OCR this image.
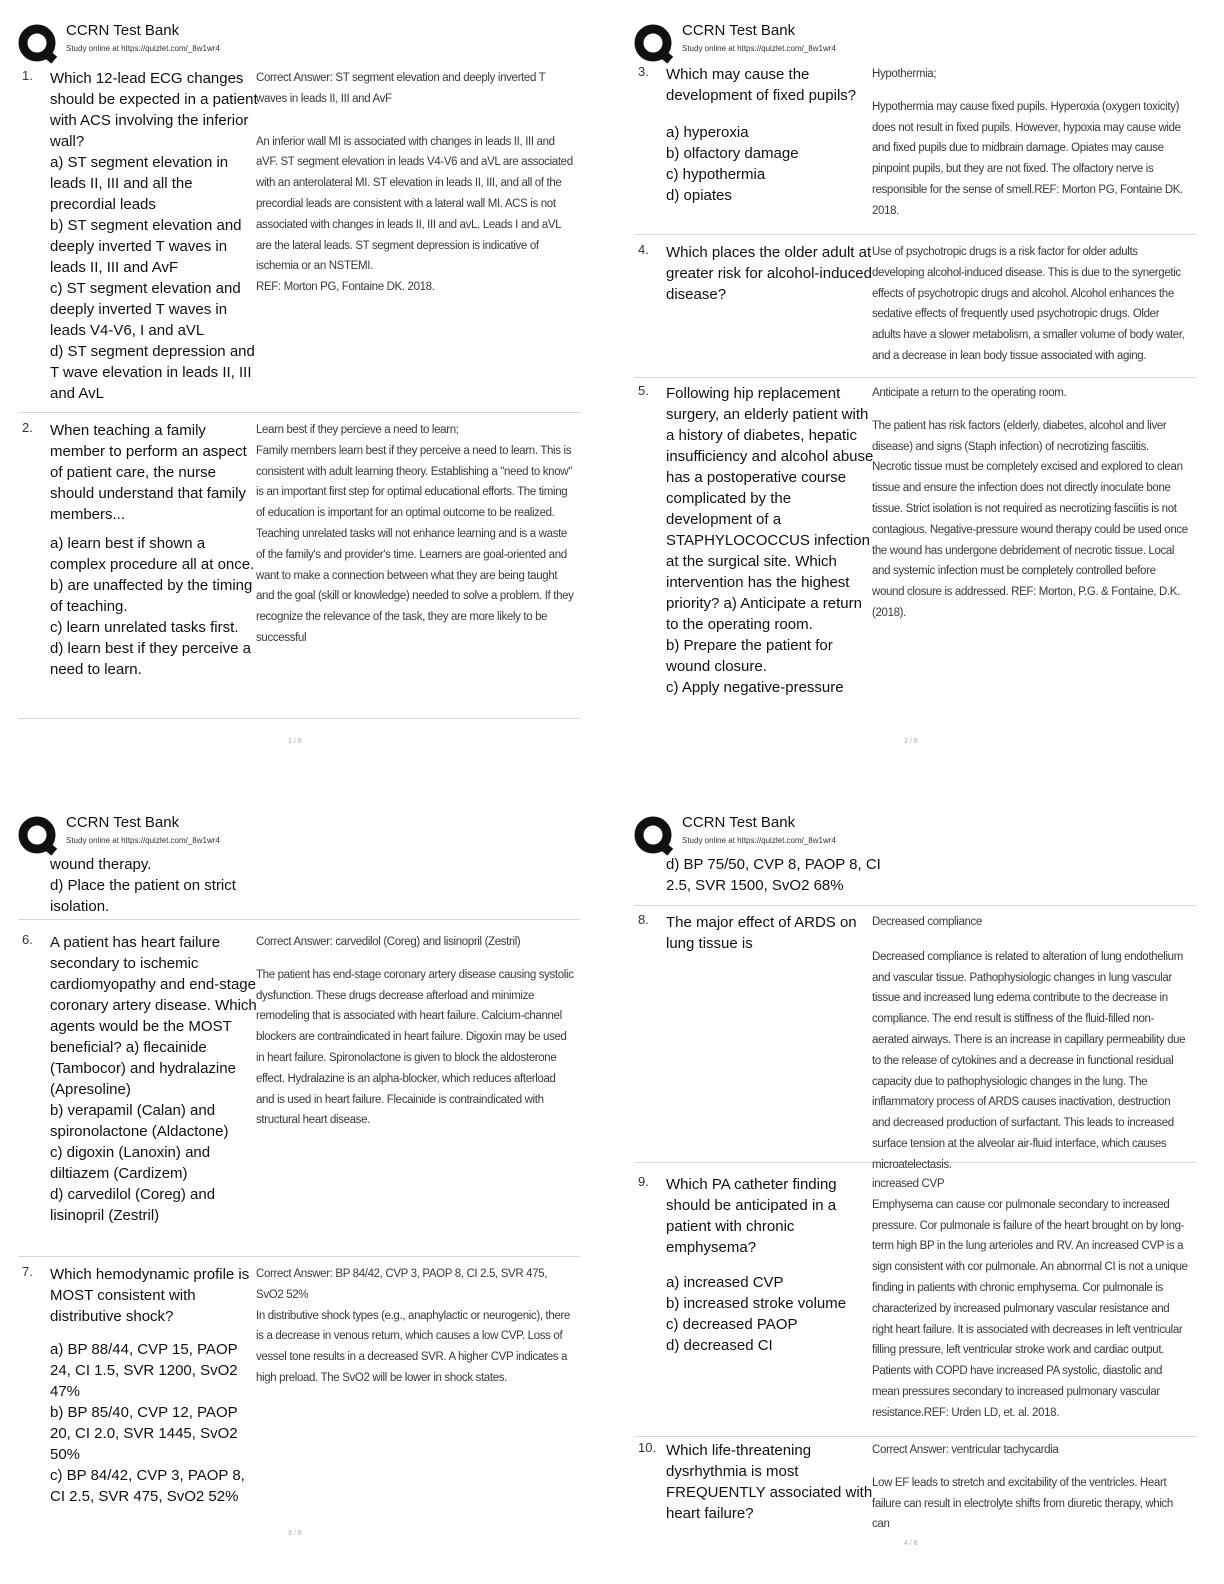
CCRN Test Bank
Study online at https://quizlet.com/_8w1wr4
1. Which 12-lead ECG changes should be expected in a patient with ACS involving the inferior wall?
a) ST segment elevation in leads II, III and all the precordial leads
b) ST segment elevation and deeply inverted T waves in leads II, III and AvF
c) ST segment elevation and deeply inverted T waves in leads V4-V6, I and aVL
d) ST segment depression and T wave elevation in leads II, III and AvL
Correct Answer: ST segment elevation and deeply inverted T waves in leads II, III and AvF
An inferior wall MI is associated with changes in leads II, III and aVF. ST segment elevation in leads V4-V6 and aVL are associated with an anterolateral MI. ST elevation in leads II, III, and all of the precordial leads are consistent with a lateral wall MI. ACS is not associated with changes in leads II, III and avL. Leads I and aVL are the lateral leads. ST segment depression is indicative of ischemia or an NSTEMI.
REF: Morton PG, Fontaine DK. 2018.
2. When teaching a family member to perform an aspect of patient care, the nurse should understand that family members...
a) learn best if shown a complex procedure all at once.
b) are unaffected by the timing of teaching.
c) learn unrelated tasks first.
d) learn best if they perceive a need to learn.
Learn best if they percieve a need to learn;
Family members learn best if they perceive a need to learn. This is consistent with adult learning theory. Establishing a "need to know" is an important first step for optimal educational efforts. The timing of education is important for an optimal outcome to be realized. Teaching unrelated tasks will not enhance learning and is a waste of the family's and provider's time. Learners are goal-oriented and want to make a connection between what they are being taught and the goal (skill or knowledge) needed to solve a problem. If they recognize the relevance of the task, they are more likely to be successful
1 / 8
CCRN Test Bank
Study online at https://quizlet.com/_8w1wr4
3. Which may cause the development of fixed pupils?
a) hyperoxia
b) olfactory damage
c) hypothermia
d) opiates
Hypothermia;
Hypothermia may cause fixed pupils. Hyperoxia (oxygen toxicity) does not result in fixed pupils. However, hypoxia may cause wide and fixed pupils due to midbrain damage. Opiates may cause pinpoint pupils, but they are not fixed. The olfactory nerve is responsible for the sense of smell.REF: Morton PG, Fontaine DK. 2018.
4. Which places the older adult at greater risk for alcohol-induced disease?
Use of psychotropic drugs is a risk factor for older adults developing alcohol-induced disease. This is due to the synergetic effects of psychotropic drugs and alcohol. Alcohol enhances the sedative effects of frequently used psychotropic drugs. Older adults have a slower metabolism, a smaller volume of body water, and a decrease in lean body tissue associated with aging.
5. Following hip replacement surgery, an elderly patient with a history of diabetes, hepatic insufficiency and alcohol abuse has a postoperative course complicated by the development of a STAPHYLOCOCCUS infection at the surgical site. Which intervention has the highest priority? a) Anticipate a return to the operating room.
b) Prepare the patient for wound closure.
c) Apply negative-pressure
Anticipate a return to the operating room.
The patient has risk factors (elderly, diabetes, alcohol and liver disease) and signs (Staph infection) of necrotizing fasciitis. Necrotic tissue must be completely excised and explored to clean tissue and ensure the infection does not directly inoculate bone tissue. Strict isolation is not required as necrotizing fasciitis is not contagious. Negative-pressure wound therapy could be used once the wound has undergone debridement of necrotic tissue. Local and systemic infection must be completely controlled before wound closure is addressed. REF: Morton, P.G. & Fontaine, D.K. (2018).
2 / 8
CCRN Test Bank
Study online at https://quizlet.com/_8w1wr4
wound therapy.
d) Place the patient on strict isolation.
6. A patient has heart failure secondary to ischemic cardiomyopathy and end-stage coronary artery disease. Which agents would be the MOST beneficial? a) flecainide (Tambocor) and hydralazine (Apresoline)
b) verapamil (Calan) and spironolactone (Aldactone)
c) digoxin (Lanoxin) and diltiazem (Cardizem)
d) carvedilol (Coreg) and lisinopril (Zestril)
Correct Answer: carvedilol (Coreg) and lisinopril (Zestril)
The patient has end-stage coronary artery disease causing systolic dysfunction. These drugs decrease afterload and minimize remodeling that is associated with heart failure. Calcium-channel blockers are contraindicated in heart failure. Digoxin may be used in heart failure. Spironolactone is given to block the aldosterone effect. Hydralazine is an alpha-blocker, which reduces afterload and is used in heart failure. Flecainide is contraindicated with structural heart disease.
7. Which hemodynamic profile is MOST consistent with distributive shock?
a) BP 88/44, CVP 15, PAOP 24, CI 1.5, SVR 1200, SvO2 47%
b) BP 85/40, CVP 12, PAOP 20, CI 2.0, SVR 1445, SvO2 50%
c) BP 84/42, CVP 3, PAOP 8, CI 2.5, SVR 475, SvO2 52%
Correct Answer: BP 84/42, CVP 3, PAOP 8, CI 2.5, SVR 475, SvO2 52%
In distributive shock types (e.g., anaphylactic or neurogenic), there is a decrease in venous return, which causes a low CVP. Loss of vessel tone results in a decreased SVR. A higher CVP indicates a high preload. The SvO2 will be lower in shock states.
3 / 8
CCRN Test Bank
Study online at https://quizlet.com/_8w1wr4
d) BP 75/50, CVP 8, PAOP 8, CI 2.5, SVR 1500, SvO2 68%
8. The major effect of ARDS on lung tissue is
Decreased compliance
Decreased compliance is related to alteration of lung endothelium and vascular tissue. Pathophysiologic changes in lung vascular tissue and increased lung edema contribute to the decrease in compliance. The end result is stiffness of the fluid-filled non-aerated airways. There is an increase in capillary permeability due to the release of cytokines and a decrease in functional residual capacity due to pathophysiologic changes in the lung. The inflammatory process of ARDS causes inactivation, destruction and decreased production of surfactant. This leads to increased surface tension at the alveolar air-fluid interface, which causes microatelectasis.
9. Which PA catheter finding should be anticipated in a patient with chronic emphysema?
a) increased CVP
b) increased stroke volume
c) decreased PAOP
d) decreased CI
increased CVP
Emphysema can cause cor pulmonale secondary to increased pressure. Cor pulmonale is failure of the heart brought on by long-term high BP in the lung arterioles and RV. An increased CVP is a sign consistent with cor pulmonale. An abnormal CI is not a unique finding in patients with chronic emphysema. Cor pulmonale is characterized by increased pulmonary vascular resistance and right heart failure. It is associated with decreases in left ventricular filling pressure, left ventricular stroke work and cardiac output. Patients with COPD have increased PA systolic, diastolic and mean pressures secondary to increased pulmonary vascular resistance.REF: Urden LD, et. al. 2018.
10. Which life-threatening dysrhythmia is most FREQUENTLY associated with heart failure?
Correct Answer: ventricular tachycardia
Low EF leads to stretch and excitability of the ventricles. Heart failure can result in electrolyte shifts from diuretic therapy, which can
4 / 8
